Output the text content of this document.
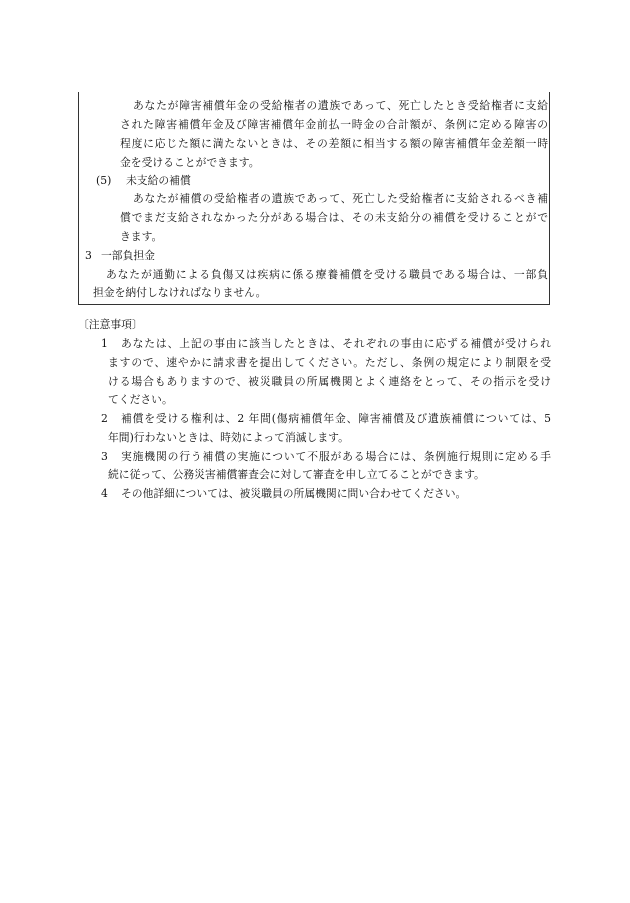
あなたが障害補償年金の受給権者の遺族であって、死亡したとき受給権者に支給
された障害補償年金及び障害補償年金前払一時金の合計額が、条例に定める障害の
程度に応じた額に満たないときは、その差額に相当する額の障害補償年金差額一時
金を受けることができます。
(5) 未支給の補償
あなたが補償の受給権者の遺族であって、死亡した受給権者に支給されるべき補
償でまだ支給されなかった分がある場合は、その未支給分の補償を受けることがで
きます。
3 一部負担金
あなたが通勤による負傷又は疾病に係る療養補償を受ける職員である場合は、一部負
担金を納付しなければなりません。
〔注意事項〕
1 あなたは、上記の事由に該当したときは、それぞれの事由に応ずる補償が受けられ
ますので、速やかに請求書を提出してください。ただし、条例の規定により制限を受
ける場合もありますので、被災職員の所属機関とよく連絡をとって、その指示を受け
てください。
2 補償を受ける権利は、2 年間(傷病補償年金、障害補償及び遺族補償については、5
年間)行わないときは、時効によって消滅します。
3 実施機関の行う補償の実施について不服がある場合には、条例施行規則に定める手
続に従って、公務災害補償審査会に対して審査を申し立てることができます。
4 その他詳細については、被災職員の所属機関に問い合わせてください。
